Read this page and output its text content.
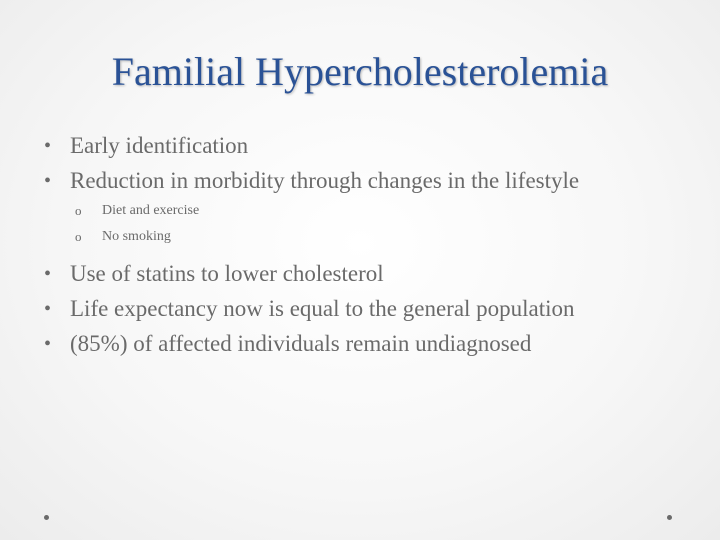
Familial Hypercholesterolemia
• Early identification
• Reduction in morbidity through changes in the lifestyle
o Diet and exercise
o No smoking
• Use of statins to lower cholesterol
• Life expectancy now is equal to the general population
• (85%) of affected individuals remain undiagnosed
